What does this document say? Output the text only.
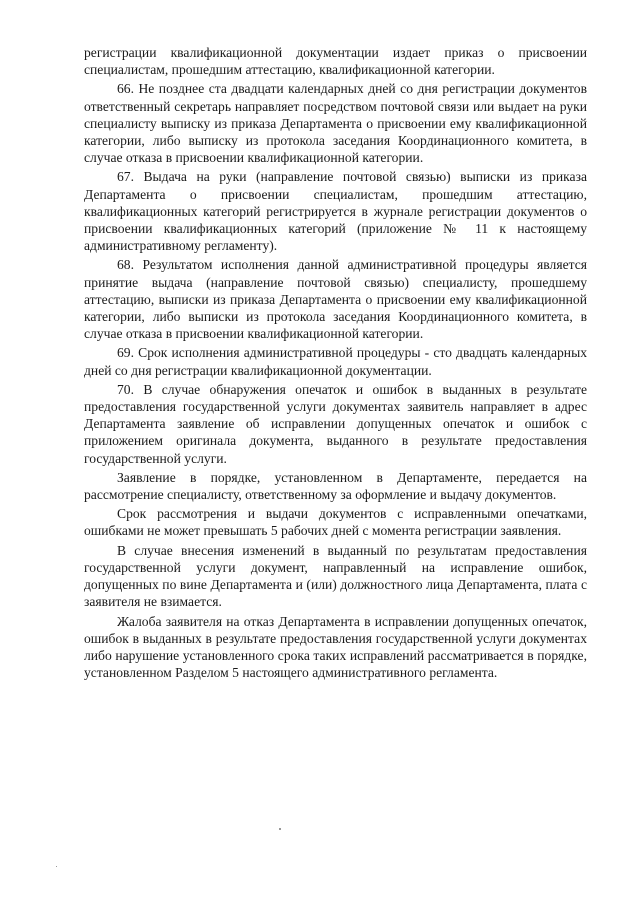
регистрации квалификационной документации издает приказ о присвоении специалистам, прошедшим аттестацию, квалификационной категории.

66. Не позднее ста двадцати календарных дней со дня регистрации документов ответственный секретарь направляет посредством почтовой связи или выдает на руки специалисту выписку из приказа Департамента о присвоении ему квалификационной категории, либо выписку из протокола заседания Координационного комитета, в случае отказа в присвоении квалификационной категории.

67. Выдача на руки (направление почтовой связью) выписки из приказа Департамента о присвоении специалистам, прошедшим аттестацию, квалификационных категорий регистрируется в журнале регистрации документов о присвоении квалификационных категорий (приложение № 11 к настоящему административному регламенту).

68. Результатом исполнения данной административной процедуры является принятие выдача (направление почтовой связью) специалисту, прошедшему аттестацию, выписки из приказа Департамента о присвоении ему квалификационной категории, либо выписки из протокола заседания Координационного комитета, в случае отказа в присвоении квалификационной категории.

69. Срок исполнения административной процедуры - сто двадцать календарных дней со дня регистрации квалификационной документации.

70. В случае обнаружения опечаток и ошибок в выданных в результате предоставления государственной услуги документах заявитель направляет в адрес Департамента заявление об исправлении допущенных опечаток и ошибок с приложением оригинала документа, выданного в результате предоставления государственной услуги.

Заявление в порядке, установленном в Департаменте, передается на рассмотрение специалисту, ответственному за оформление и выдачу документов.

Срок рассмотрения и выдачи документов с исправленными опечатками, ошибками не может превышать 5 рабочих дней с момента регистрации заявления.

В случае внесения изменений в выданный по результатам предоставления государственной услуги документ, направленный на исправление ошибок, допущенных по вине Департамента и (или) должностного лица Департамента, плата с заявителя не взимается.

Жалоба заявителя на отказ Департамента в исправлении допущенных опечаток, ошибок в выданных в результате предоставления государственной услуги документах либо нарушение установленного срока таких исправлений рассматривается в порядке, установленном Разделом 5 настоящего административного регламента.
